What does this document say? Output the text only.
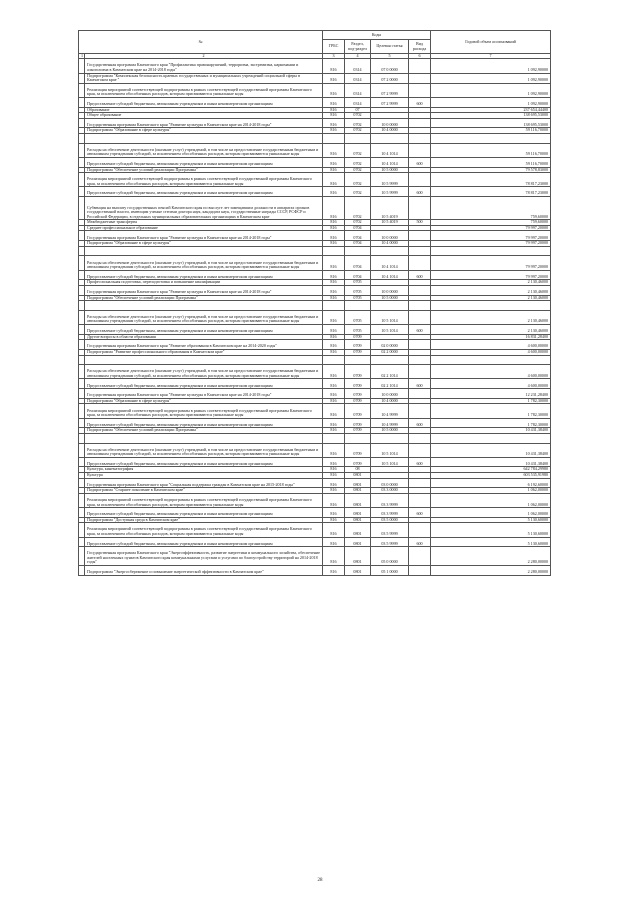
№		Коды				Годовой объем ассигнований
		ГРБС	Раздел, под-раздел	Целевая статья	Вид расхода	
1	2	3	4	5	6	7
	Государственная программа Камчатского края "Профилактика правонарушений, терроризма, экстремизма, наркомании и алкоголизма в Камчатском крае на 2014-2018 годы"	816	0314	07 0 0000		1 092,90000
	Подпрограмма "Комплексная безопасность краевых государственных и муниципальных учреждений социальной сферы в Камчатском крае "	816	0314	07 2 0000		1 092,90000
	Реализация мероприятий соответствующей подпрограммы в рамках соответствующей государственной программы Камчатского края, за исключением обособленных расходов, которым присваиваются уникальные коды	816	0314	07 2 9999		1 092,90000
	Предоставление субсидий бюджетным, автономным учреждениям и иным некоммерческим организациям	816	0314	07 2 9999	600	1 092,90000
	Образование	816	07			237 654,44400
	Общее образование	816	0702			138 695,53000
	Государственная программа Камчатского края "Развитие культуры в Камчатском крае на 2014-2018 годы"	816	0702	10 0 0000		138 695,53000
	Подпрограмма "Образование в сфере культуры"	816	0702	10 4 0000		59 116,70000

	Расходы на обеспечение деятельности (оказание услуг) учреждений, в том числе на предоставление государственным бюджетным и автономным учреждениям субсидий, за исключением обособленных расходов, которым присваиваются уникальные коды	816	0702	10 4 1014		59 116,70000
	Предоставление субсидий бюджетным, автономным учреждениям и иным некоммерческим организациям	816	0702	10 4 1014	600	59 116,70000
	Подпрограмма "Обеспечение условий реализации Программы"	816	0702	10 5 0000		79 578,83000
	Реализация мероприятий соответствующей подпрограммы в рамках соответствующей государственной программы Камчатского края, за исключением обособленных расходов, которым присваиваются уникальные коды	816	0702	10 5 9999		78 817,23000
	Предоставление субсидий бюджетным, автономным учреждениям и иным некоммерческим организациям	816	0702	10 5 9999	600	78 817,23000
	Субвенция на выплату государственных пенсий Камчатского края по выслуге лет замещавшим должности в аппаратах органов государственной власти, имеющим ученые степени доктора наук, кандидата наук, государственные награды СССР, РСФСР и Российской Федерации, в отдельных муниципальных образовательных организациях в Камчатском крае	816	0702	10 5 4019		759,60000
	Межбюджетные трансферты	816	0702	10 5 4019	500	759,60000
	Среднее профессиональное образование	816	0704			79 997,20000
	Государственная программа Камчатского края "Развитие культуры в Камчатском крае на 2014-2018 годы"	816	0704	10 0 0000		79 997,20000
	Подпрограмма "Образование в сфере культуры"	816	0704	10 4 0000		79 997,20000

	Расходы на обеспечение деятельности (оказание услуг) учреждений, в том числе на предоставление государственным бюджетным и автономным учреждениям субсидий, за исключением обособленных расходов, которым присваиваются уникальные коды	816	0704	10 4 1014		79 997,20000
	Предоставление субсидий бюджетным, автономным учреждениям и иным некоммерческим организациям	816	0704	10 4 1014	600	79 997,20000
	Профессиональная подготовка, переподготовка и повышение квалификации	816	0705			2 130,46000
	Государственная программа Камчатского края "Развитие культуры в Камчатском крае на 2014-2018 годы"	816	0705	10 0 0000		2 130,46000
	Подпрограмма "Обеспечение условий реализации Программы"	816	0705	10 5 0000		2 130,46000

	Расходы на обеспечение деятельности (оказание услуг) учреждений, в том числе на предоставление государственным бюджетным и автономным учреждениям субсидий, за исключением обособленных расходов, которым присваиваются уникальные коды	816	0705	10 5 1014		2 130,46000
	Предоставление субсидий бюджетным, автономным учреждениям и иным некоммерческим организациям	816	0705	10 5 1014	600	2 130,46000
	Другие вопросы в области образования	816	0709			16 831,28400
	Государственная программа Камчатского края "Развитие образования в Камчатском крае на 2014-2020 годы"	816	0709	02 0 0000		4 600,00000
	Подпрограмма "Развитие профессионального образования в Камчатском крае"	816	0709	02 2 0000		4 600,00000

	Расходы на обеспечение деятельности (оказание услуг) учреждений, в том числе на предоставление государственным бюджетным и автономным учреждениям субсидий, за исключением обособленных расходов, которым присваиваются уникальные коды	816	0709	02 2 1014		4 600,00000
	Предоставление субсидий бюджетным, автономным учреждениям и иным некоммерческим организациям	816	0709	02 2 1014	600	4 600,00000
	Государственная программа Камчатского края "Развитие культуры в Камчатском крае на 2014-2018 годы"	816	0709	10 0 0000		12 231,28400
	Подпрограмма "Образование в сфере культуры"	816	0709	10 4 0000		1 782,30000
	Реализация мероприятий соответствующей подпрограммы в рамках соответствующей государственной программы Камчатского края, за исключением обособленных расходов, которым присваиваются уникальные коды	816	0709	10 4 9999		1 782,30000
	Предоставление субсидий бюджетным, автономным учреждениям и иным некоммерческим организациям	816	0709	10 4 9999	600	1 782,30000
	Подпрограмма "Обеспечение условий реализации Программы"	816	0709	10 5 0000		10 431,38400

	Расходы на обеспечение деятельности (оказание услуг) учреждений, в том числе на предоставление государственным бюджетным и автономным учреждениям субсидий, за исключением обособленных расходов, которым присваиваются уникальные коды	816	0709	10 5 1014		10 431,38400
	Предоставление субсидий бюджетным, автономным учреждениям и иным некоммерческим организациям	816	0709	10 5 1014	600	10 431,38400
	Культура, кинематография	816	08			642 784,29980
	Культура	816	0801			603 535,91980
	Государственная программа Камчатского края "Социальная поддержка граждан в Камчатском крае на 2015-2018 годы"	816	0801	03 0 0000		6 192,60000
	Подпрограмма "Старшее поколение в Камчатском крае"	816	0801	03 3 0000		1 062,00000
	Реализация мероприятий соответствующей подпрограммы в рамках соответствующей государственной программы Камчатского края, за исключением обособленных расходов, которым присваиваются уникальные коды	816	0801	03 3 9999		1 062,00000
	Предоставление субсидий бюджетным, автономным учреждениям и иным некоммерческим организациям	816	0801	03 3 9999	600	1 062,00000
	Подпрограмма "Доступная среда в Камчатском крае"	816	0801	03 5 0000		5 130,60000
	Реализация мероприятий соответствующей подпрограммы в рамках соответствующей государственной программы Камчатского края, за исключением обособленных расходов, которым присваиваются уникальные коды	816	0801	03 5 9999		5 130,60000
	Предоставление субсидий бюджетным, автономным учреждениям и иным некоммерческим организациям	816	0801	03 5 9999	600	5 130,60000
	Государственная программа Камчатского края "Энергоэффективность, развитие энергетики и коммунального хозяйства, обеспечение жителей населенных пунктов Камчатского края коммунальными услугами и услугами по благоустройству территорий на 2014-2018 годы"	816	0801	05 0 0000		2 280,00000
	Подпрограмма "Энергосбережение и повышение энергетической эффективности в Камчатском крае"	816	0801	05 1 0000		2 280,00000
28
